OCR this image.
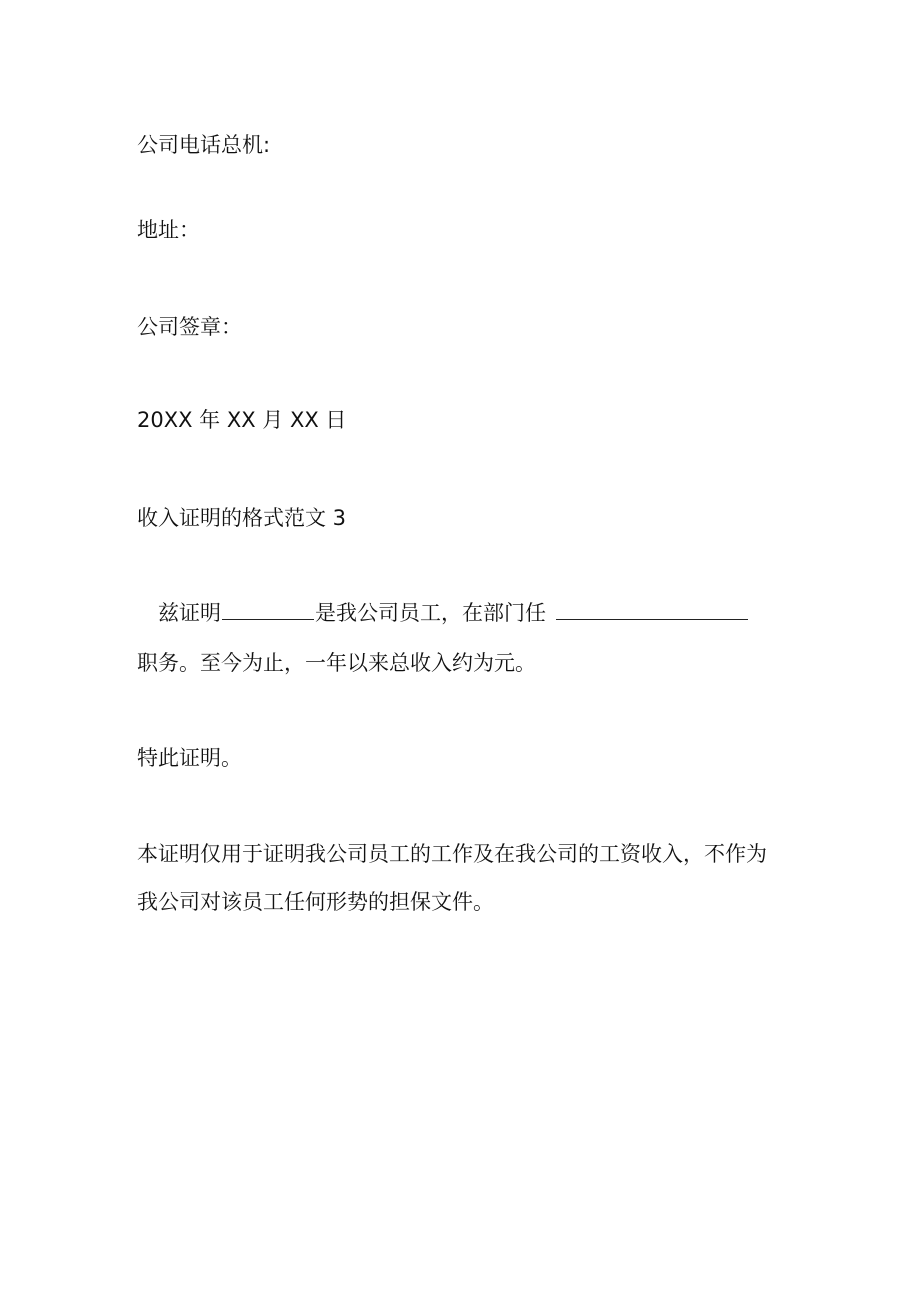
公司电话总机:
地址：
公司签章：
20XX 年 XX 月 XX 日
收入证明的格式范文 3
兹证明	是我公司员工，在部门任
职务。至今为止，一年以来总收入约为元。
特此证明。
本证明仅用于证明我公司员工的工作及在我公司的工资收入，不作为
我公司对该员工任何形势的担保文件。
